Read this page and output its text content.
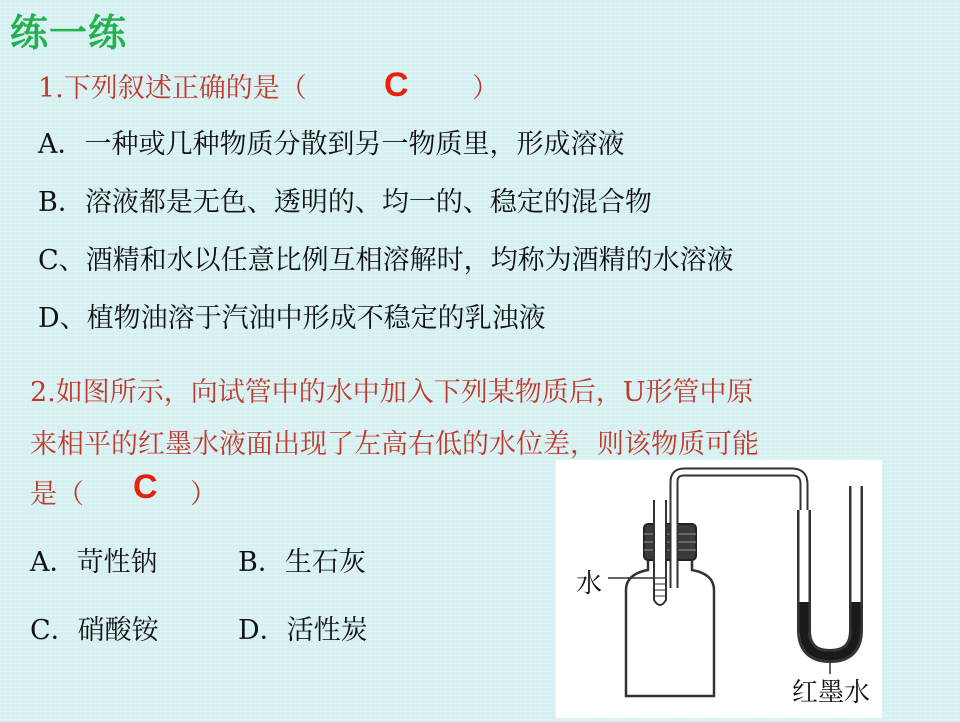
练一练
1.下列叙述正确的是（ C ）
A．一种或几种物质分散到另一物质里，形成溶液
B．溶液都是无色、透明的、均一的、稳定的混合物
C、酒精和水以任意比例互相溶解时，均称为酒精的水溶液
D、植物油溶于汽油中形成不稳定的乳浊液
2.如图所示，向试管中的水中加入下列某物质后，U形管中原
来相平的红墨水液面出现了左高右低的水位差，则该物质可能
是（ C ）
A．苛性钠	B．生石灰
C．硝酸铵	D．活性炭
水
红墨水
